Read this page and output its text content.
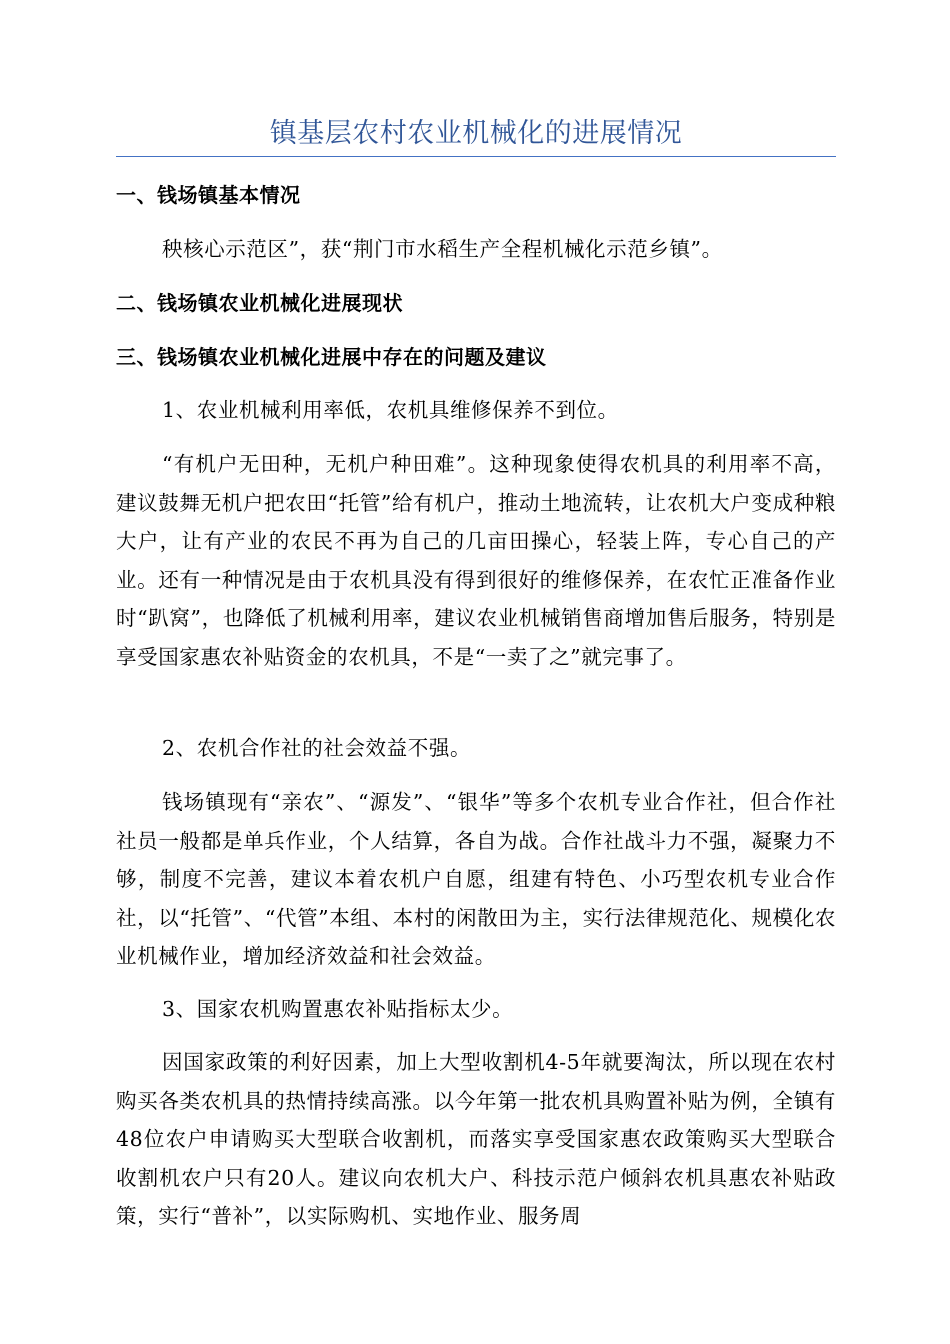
镇基层农村农业机械化的进展情况
一、钱场镇基本情况
秧核心示范区”，获“荆门市水稻生产全程机械化示范乡镇”。
二、钱场镇农业机械化进展现状
三、钱场镇农业机械化进展中存在的问题及建议
1、农业机械利用率低，农机具维修保养不到位。
“有机户无田种，无机户种田难”。这种现象使得农机具的利用率不高，建议鼓舞无机户把农田“托管”给有机户，推动土地流转，让农机大户变成种粮大户，让有产业的农民不再为自己的几亩田操心，轻装上阵，专心自己的产业。还有一种情况是由于农机具没有得到很好的维修保养，在农忙正准备作业时“趴窝”，也降低了机械利用率，建议农业机械销售商增加售后服务，特别是享受国家惠农补贴资金的农机具，不是“一卖了之”就完事了。
2、农机合作社的社会效益不强。
钱场镇现有“亲农”、“源发”、“银华”等多个农机专业合作社，但合作社社员一般都是单兵作业，个人结算，各自为战。合作社战斗力不强，凝聚力不够，制度不完善，建议本着农机户自愿，组建有特色、小巧型农机专业合作社，以“托管”、“代管”本组、本村的闲散田为主，实行法律规范化、规模化农业机械作业，增加经济效益和社会效益。
3、国家农机购置惠农补贴指标太少。
因国家政策的利好因素，加上大型收割机4-5年就要淘汰，所以现在农村购买各类农机具的热情持续高涨。以今年第一批农机具购置补贴为例，全镇有48位农户申请购买大型联合收割机，而落实享受国家惠农政策购买大型联合收割机农户只有20人。建议向农机大户、科技示范户倾斜农机具惠农补贴政策，实行“普补”，以实际购机、实地作业、服务周
